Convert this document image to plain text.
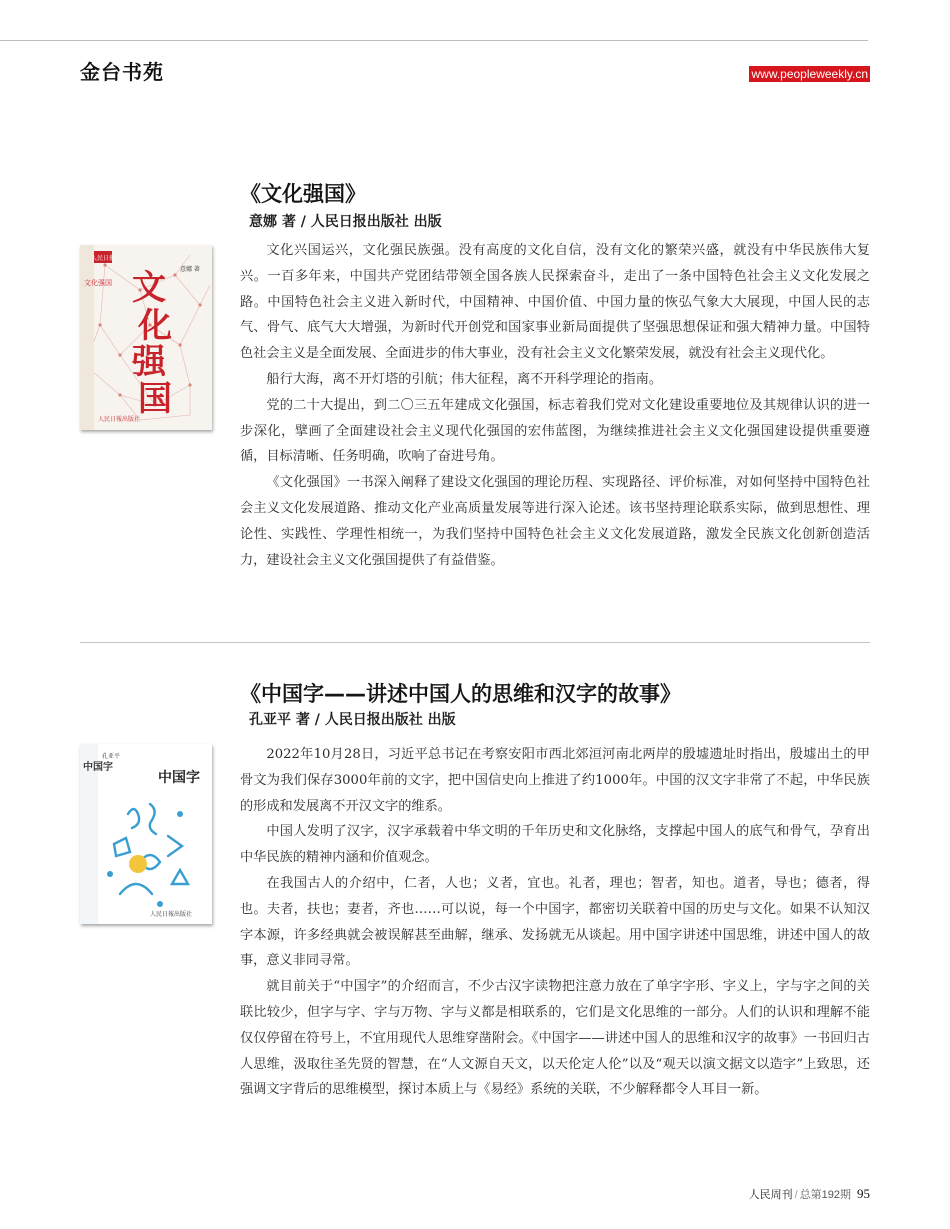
金台书苑	www.peopleweekly.cn
《文化强国》
意娜 著 / 人民日报出版社 出版
人民日报
文化强国 文
化
强
国
意娜 著
人民日報出版社

文化兴国运兴，文化强民族强。没有高度的文化自信，没有文化的繁荣兴盛，就没有中华民族伟大复兴。一百多年来，中国共产党团结带领全国各族人民探索奋斗，走出了一条中国特色社会主义文化发展之路。中国特色社会主义进入新时代，中国精神、中国价值、中国力量的恢弘气象大大展现，中国人民的志气、骨气、底气大大增强，为新时代开创党和国家事业新局面提供了坚强思想保证和强大精神力量。中国特色社会主义是全面发展、全面进步的伟大事业，没有社会主义文化繁荣发展，就没有社会主义现代化。

船行大海，离不开灯塔的引航；伟大征程，离不开科学理论的指南。

党的二十大提出，到二〇三五年建成文化强国，标志着我们党对文化建设重要地位及其规律认识的进一步深化，擘画了全面建设社会主义现代化强国的宏伟蓝图，为继续推进社会主义文化强国建设提供重要遵循，目标清晰、任务明确，吹响了奋进号角。

《文化强国》一书深入阐释了建设文化强国的理论历程、实现路径、评价标准，对如何坚持中国特色社会主义文化发展道路、推动文化产业高质量发展等进行深入论述。该书坚持理论联系实际，做到思想性、理论性、实践性、学理性相统一，为我们坚持中国特色社会主义文化发展道路，激发全民族文化创新创造活力，建设社会主义文化强国提供了有益借鉴。

《中国字——讲述中国人的思维和汉字的故事》
孔亚平 著 / 人民日报出版社 出版
中国字
孔亚平
中国字
人民日報出版社

2022年10月28日，习近平总书记在考察安阳市西北郊洹河南北两岸的殷墟遗址时指出，殷墟出土的甲骨文为我们保存3000年前的文字，把中国信史向上推进了约1000年。中国的汉文字非常了不起，中华民族的形成和发展离不开汉文字的维系。

中国人发明了汉字，汉字承载着中华文明的千年历史和文化脉络，支撑起中国人的底气和骨气，孕育出中华民族的精神内涵和价值观念。

在我国古人的介绍中，仁者，人也；义者，宜也。礼者，理也；智者，知也。道者，导也；德者，得也。夫者，扶也；妻者，齐也……可以说，每一个中国字，都密切关联着中国的历史与文化。如果不认知汉字本源，许多经典就会被误解甚至曲解，继承、发扬就无从谈起。用中国字讲述中国思维，讲述中国人的故事，意义非同寻常。

就目前关于“中国字”的介绍而言，不少古汉字读物把注意力放在了单字字形、字义上，字与字之间的关联比较少，但字与字、字与万物、字与义都是相联系的，它们是文化思维的一部分。人们的认识和理解不能仅仅停留在符号上，不宜用现代人思维穿凿附会。《中国字——讲述中国人的思维和汉字的故事》一书回归古人思维，汲取往圣先贤的智慧，在“人文源自天文，以天伦定人伦”以及“观天以演文据文以造字”上致思，还强调文字背后的思维模型，探讨本质上与《易经》系统的关联，不少解释都令人耳目一新。

人民周刊 / 总第192期 95
